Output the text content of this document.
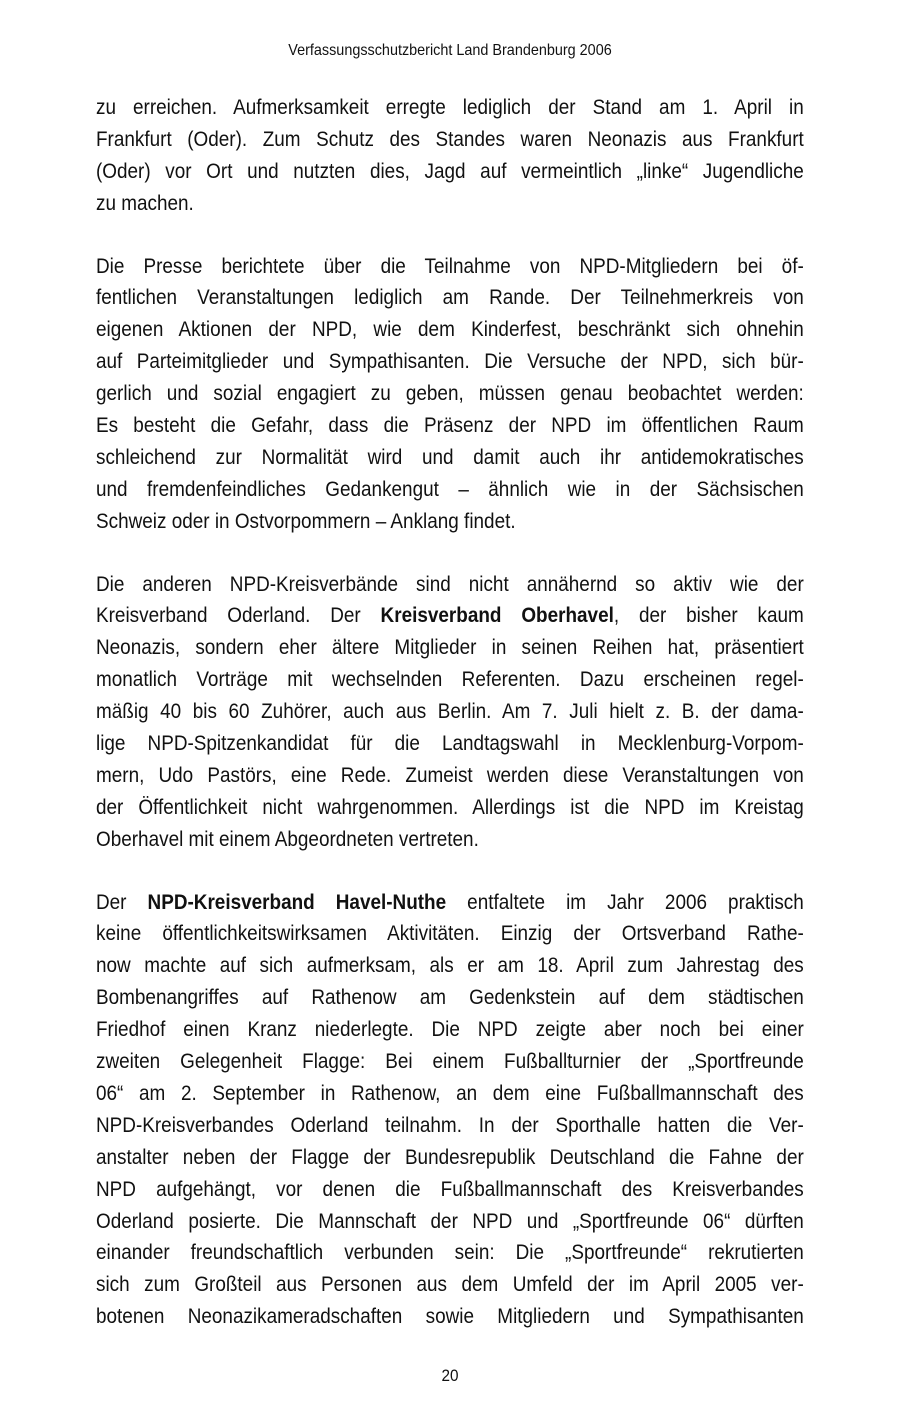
Verfassungsschutzbericht Land Brandenburg 2006
zu erreichen. Aufmerksamkeit erregte lediglich der Stand am 1. April in
Frankfurt (Oder). Zum Schutz des Standes waren Neonazis aus Frankfurt
(Oder) vor Ort und nutzten dies, Jagd auf vermeintlich „linke“ Jugendliche
zu machen.
Die Presse berichtete über die Teilnahme von NPD-Mitgliedern bei öf-
fentlichen Veranstaltungen lediglich am Rande. Der Teilnehmerkreis von
eigenen Aktionen der NPD, wie dem Kinderfest, beschränkt sich ohnehin
auf Parteimitglieder und Sympathisanten. Die Versuche der NPD, sich bür-
gerlich und sozial engagiert zu geben, müssen genau beobachtet werden:
Es besteht die Gefahr, dass die Präsenz der NPD im öffentlichen Raum
schleichend zur Normalität wird und damit auch ihr antidemokratisches
und fremdenfeindliches Gedankengut – ähnlich wie in der Sächsischen
Schweiz oder in Ostvorpommern – Anklang findet.
Die anderen NPD-Kreisverbände sind nicht annähernd so aktiv wie der
Kreisverband Oderland. Der Kreisverband Oberhavel, der bisher kaum
Neonazis, sondern eher ältere Mitglieder in seinen Reihen hat, präsentiert
monatlich Vorträge mit wechselnden Referenten. Dazu erscheinen regel-
mäßig 40 bis 60 Zuhörer, auch aus Berlin. Am 7. Juli hielt z. B. der dama-
lige NPD-Spitzenkandidat für die Landtagswahl in Mecklenburg-Vorpom-
mern, Udo Pastörs, eine Rede. Zumeist werden diese Veranstaltungen von
der Öffentlichkeit nicht wahrgenommen. Allerdings ist die NPD im Kreistag
Oberhavel mit einem Abgeordneten vertreten.
Der NPD-Kreisverband Havel-Nuthe entfaltete im Jahr 2006 praktisch
keine öffentlichkeitswirksamen Aktivitäten. Einzig der Ortsverband Rathe-
now machte auf sich aufmerksam, als er am 18. April zum Jahrestag des
Bombenangriffes auf Rathenow am Gedenkstein auf dem städtischen
Friedhof einen Kranz niederlegte. Die NPD zeigte aber noch bei einer
zweiten Gelegenheit Flagge: Bei einem Fußballturnier der „Sportfreunde
06“ am 2. September in Rathenow, an dem eine Fußballmannschaft des
NPD-Kreisverbandes Oderland teilnahm. In der Sporthalle hatten die Ver-
anstalter neben der Flagge der Bundesrepublik Deutschland die Fahne der
NPD aufgehängt, vor denen die Fußballmannschaft des Kreisverbandes
Oderland posierte. Die Mannschaft der NPD und „Sportfreunde 06“ dürften
einander freundschaftlich verbunden sein: Die „Sportfreunde“ rekrutierten
sich zum Großteil aus Personen aus dem Umfeld der im April 2005 ver-
botenen Neonazikameradschaften sowie Mitgliedern und Sympathisanten
20
